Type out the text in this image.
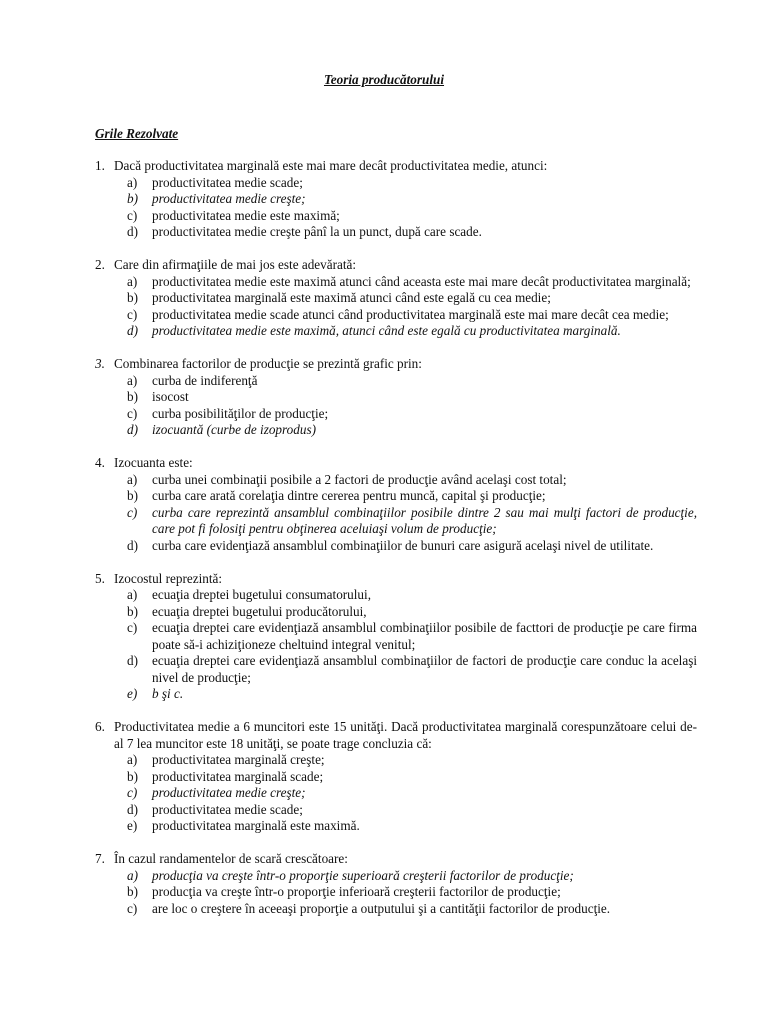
Teoria producătorului
Grile Rezolvate
1. Dacă productivitatea marginală este mai mare decât productivitatea medie, atunci:
a) productivitatea medie scade;
b) productivitatea medie creşte;
c) productivitatea medie este maximă;
d) productivitatea medie creşte pânî la un punct, după care scade.
2. Care din afirmaţiile de mai jos este adevărată:
a) productivitatea medie este maximă atunci când aceasta este mai mare decât productivitatea marginală;
b) productivitatea marginală este maximă atunci când este egală cu cea medie;
c) productivitatea medie scade atunci când productivitatea marginală este mai mare decât cea medie;
d) productivitatea medie este maximă, atunci când este egală cu productivitatea marginală.
3. Combinarea factorilor de producţie se prezintă grafic prin:
a) curba de indiferenţă
b) isocost
c) curba posibilităţilor de producţie;
d) izocuantă (curbe de izoprodus)
4. Izocuanta este:
a) curba unei combinaţii posibile a 2 factori de producţie având acelaşi cost total;
b) curba care arată corelaţia dintre cererea pentru muncă, capital şi producţie;
c) curba care reprezintă ansamblul combinaţiilor posibile dintre 2 sau mai mulţi factori de producţie, care pot fi folosiţi pentru obţinerea aceluiaşi volum de producţie;
d) curba care evidenţiază ansamblul combinaţiilor de bunuri care asigură acelaşi nivel de utilitate.
5. Izocostul reprezintă:
a) ecuaţia dreptei bugetului consumatorului,
b) ecuaţia dreptei bugetului producătorului,
c) ecuaţia dreptei care evidenţiază ansamblul combinaţiilor posibile de facttori de producţie pe care firma poate să-i achiziţioneze cheltuind integral venitul;
d) ecuaţia dreptei care evidenţiază ansamblul combinaţiilor de factori de producţie care conduc la acelaşi nivel de producţie;
e) b şi c.
6. Productivitatea medie a 6 muncitori este 15 unităţi. Dacă productivitatea marginală corespunzătoare celui de-al 7 lea muncitor este 18 unităţi, se poate trage concluzia că:
a) productivitatea marginală creşte;
b) productivitatea marginală scade;
c) productivitatea medie creşte;
d) productivitatea medie scade;
e) productivitatea marginală este maximă.
7. În cazul randamentelor de scară crescătoare:
a) producţia va creşte într-o proporţie superioară creşterii factorilor de producţie;
b) producţia va creşte într-o proporţie inferioară creşterii factorilor de producţie;
c) are loc o creştere în aceeaşi proporţie a outputului şi a cantităţii factorilor de producţie.
